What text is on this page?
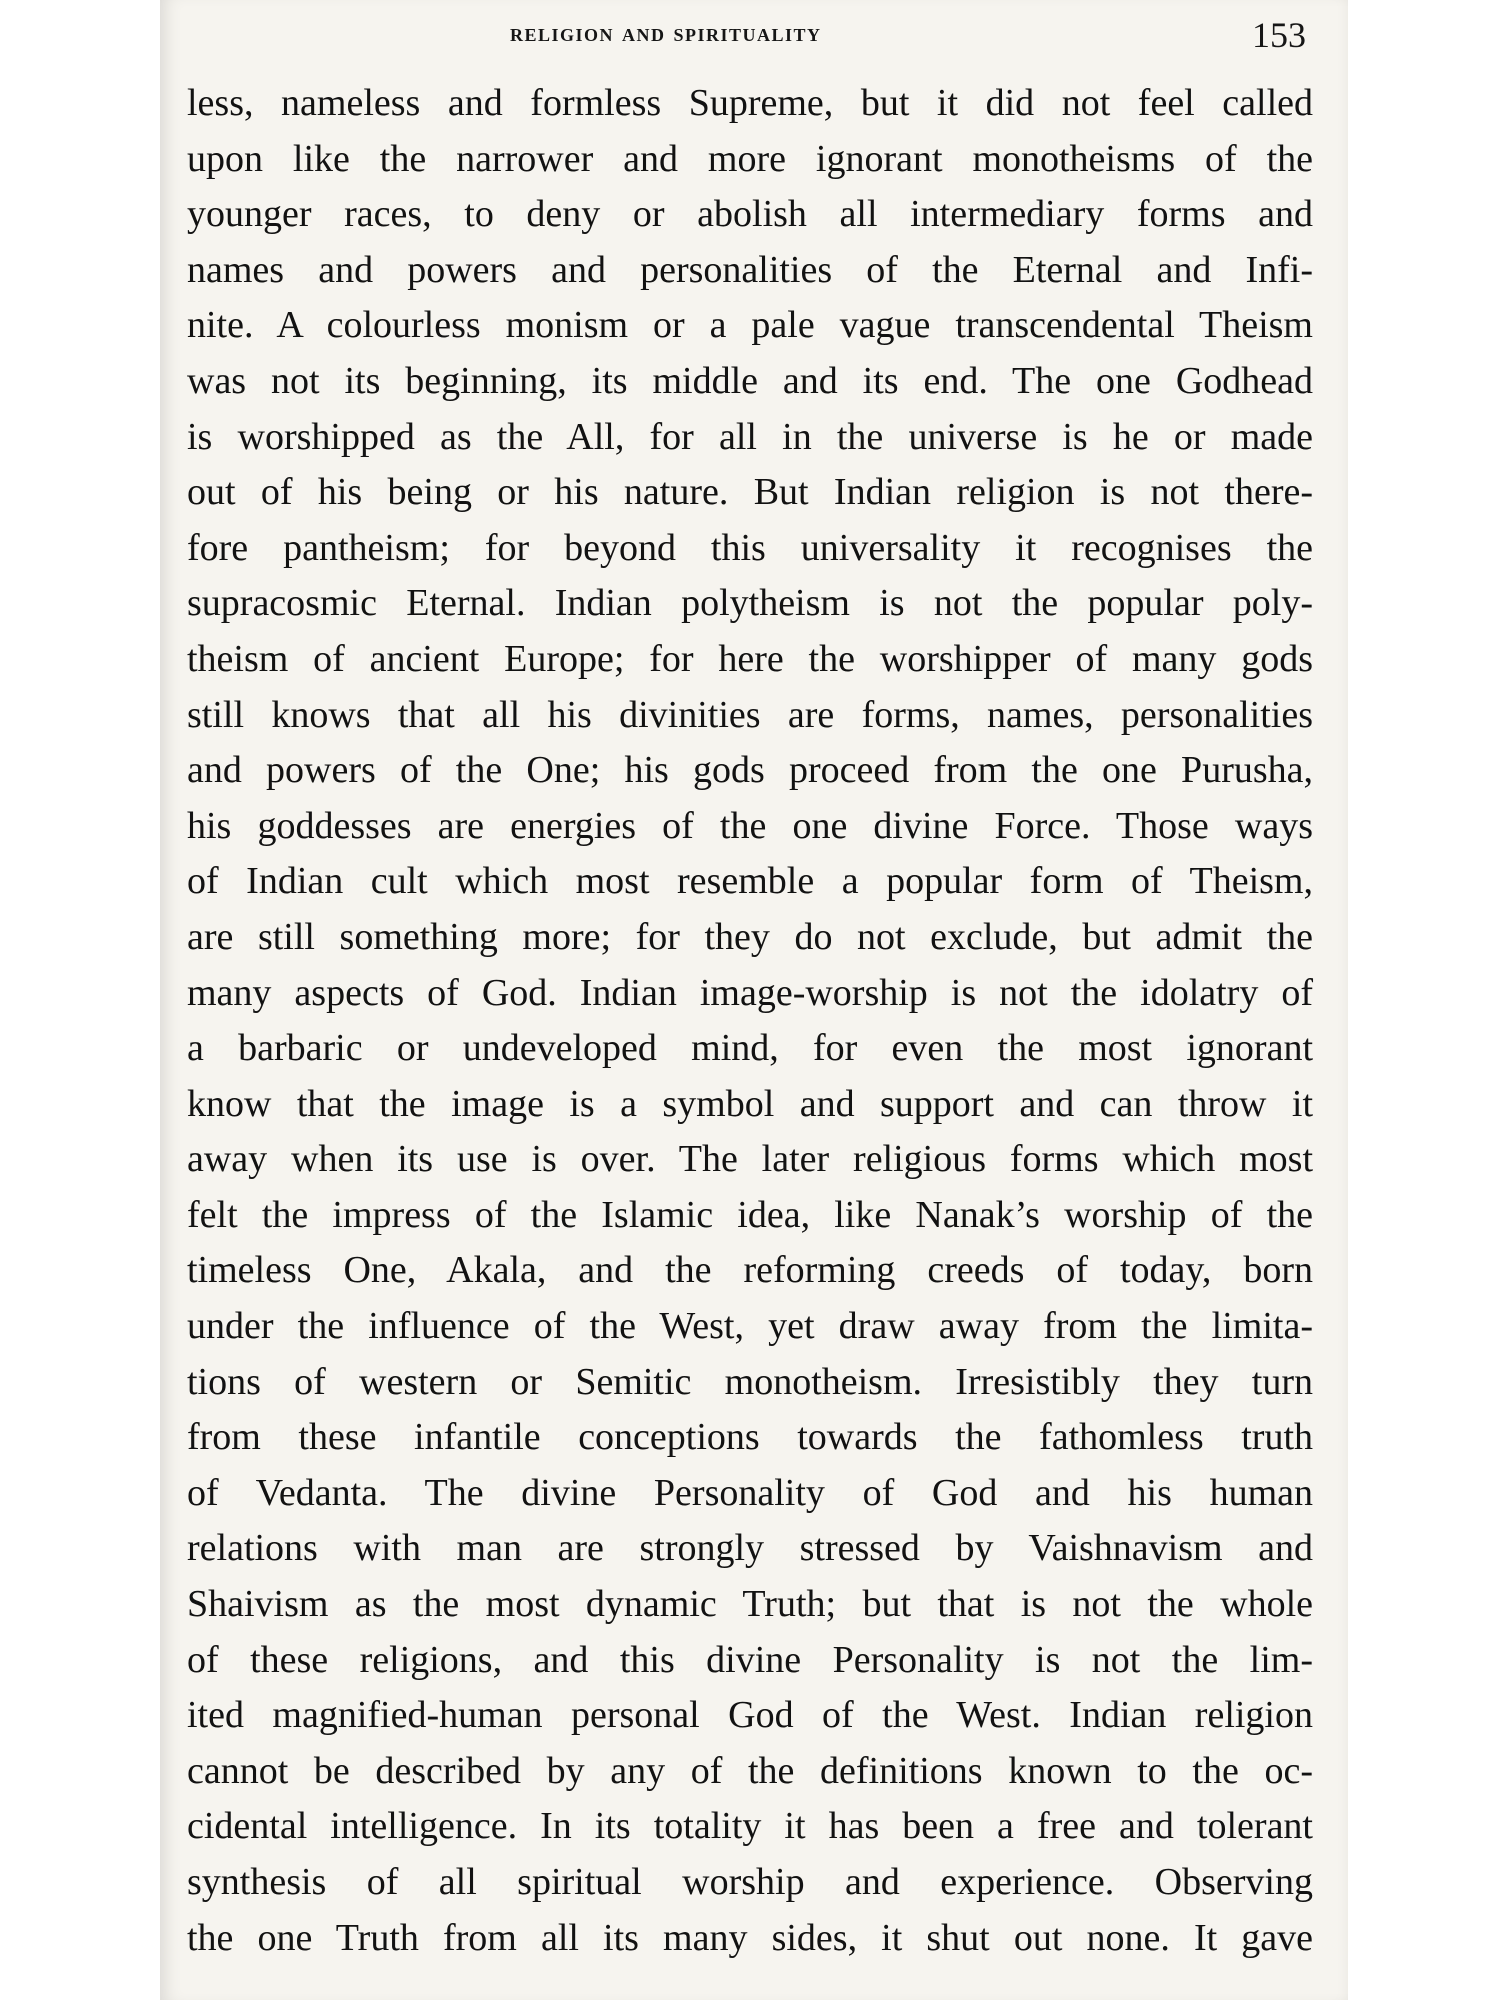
religion and spirituality	153
less, nameless and formless Supreme, but it did not feel called
upon like the narrower and more ignorant monotheisms of the
younger races, to deny or abolish all intermediary forms and
names and powers and personalities of the Eternal and Infi-
nite. A colourless monism or a pale vague transcendental Theism
was not its beginning, its middle and its end. The one Godhead
is worshipped as the All, for all in the universe is he or made
out of his being or his nature. But Indian religion is not there-
fore pantheism; for beyond this universality it recognises the
supracosmic Eternal. Indian polytheism is not the popular poly-
theism of ancient Europe; for here the worshipper of many gods
still knows that all his divinities are forms, names, personalities
and powers of the One; his gods proceed from the one Purusha,
his goddesses are energies of the one divine Force. Those ways
of Indian cult which most resemble a popular form of Theism,
are still something more; for they do not exclude, but admit the
many aspects of God. Indian image-worship is not the idolatry of
a barbaric or undeveloped mind, for even the most ignorant
know that the image is a symbol and support and can throw it
away when its use is over. The later religious forms which most
felt the impress of the Islamic idea, like Nanak’s worship of the
timeless One, Akala, and the reforming creeds of today, born
under the influence of the West, yet draw away from the limita-
tions of western or Semitic monotheism. Irresistibly they turn
from these infantile conceptions towards the fathomless truth
of Vedanta. The divine Personality of God and his human
relations with man are strongly stressed by Vaishnavism and
Shaivism as the most dynamic Truth; but that is not the whole
of these religions, and this divine Personality is not the lim-
ited magnified-human personal God of the West. Indian religion
cannot be described by any of the definitions known to the oc-
cidental intelligence. In its totality it has been a free and tolerant
synthesis of all spiritual worship and experience. Observing
the one Truth from all its many sides, it shut out none. It gave
